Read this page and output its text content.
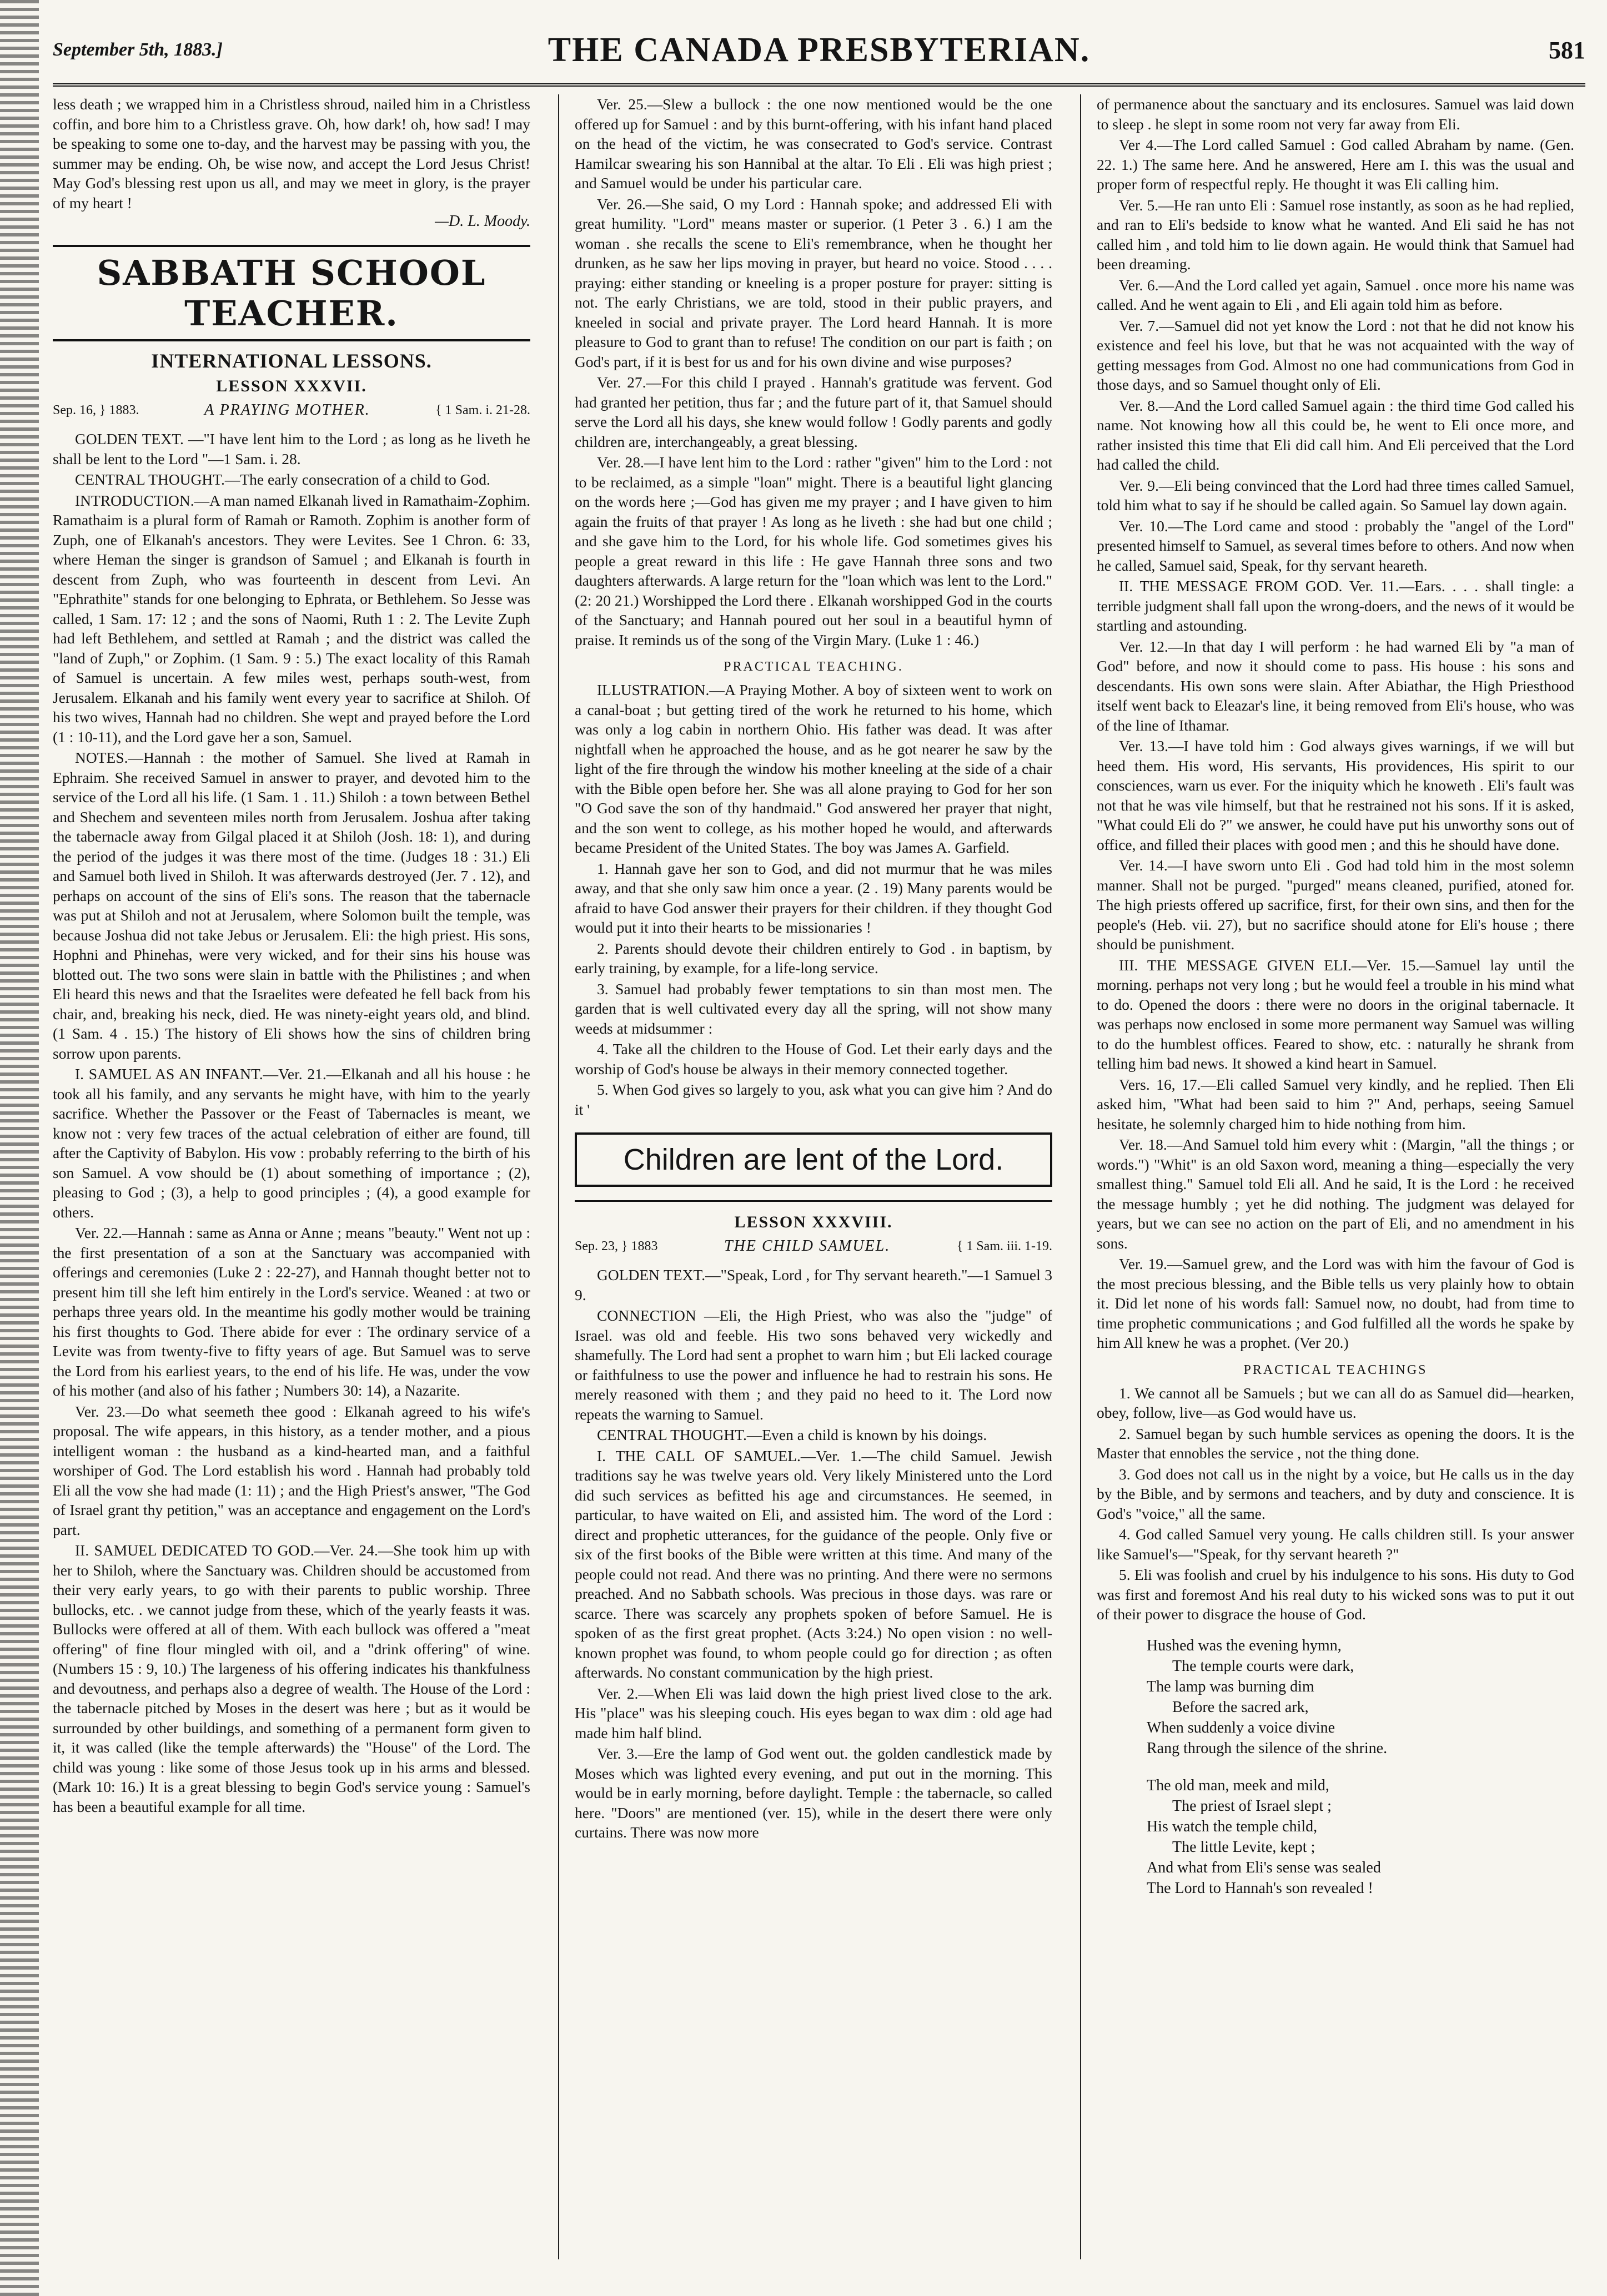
September 5th, 1883.]	THE CANADA PRESBYTERIAN.	581

less death ; we wrapped him in a Christless shroud, nailed him in a Christless coffin, and bore him to a Christless grave. Oh, how dark! oh, how sad! I may be speaking to some one to-day, and the harvest may be passing with you, the summer may be ending. Oh, be wise now, and accept the Lord Jesus Christ! May God's blessing rest upon us all, and may we meet in glory, is the prayer of my heart !

—D. L. Moody.

SABBATH SCHOOL TEACHER.
INTERNATIONAL LESSONS.
LESSON XXXVII.
Sep. 16, } 1883.	A PRAYING MOTHER.	{ 1 Sam. i. 21-28.

GOLDEN TEXT. —"I have lent him to the Lord ; as long as he liveth he shall be lent to the Lord "—1 Sam. i. 28.

CENTRAL THOUGHT.—The early consecration of a child to God.

INTRODUCTION.—A man named Elkanah lived in Ramathaim-Zophim. Ramathaim is a plural form of Ramah or Ramoth. Zophim is another form of Zuph, one of Elkanah's ancestors. They were Levites. See 1 Chron. 6: 33, where Heman the singer is grandson of Samuel ; and Elkanah is fourth in descent from Zuph, who was fourteenth in descent from Levi. An "Ephrathite" stands for one belonging to Ephrata, or Bethlehem. So Jesse was called, 1 Sam. 17: 12 ; and the sons of Naomi, Ruth 1 : 2. The Levite Zuph had left Bethlehem, and settled at Ramah ; and the district was called the "land of Zuph," or Zophim. (1 Sam. 9 : 5.) The exact locality of this Ramah of Samuel is uncertain. A few miles west, perhaps south-west, from Jerusalem. Elkanah and his family went every year to sacrifice at Shiloh. Of his two wives, Hannah had no children. She wept and prayed before the Lord (1 : 10-11), and the Lord gave her a son, Samuel.

NOTES.—Hannah : the mother of Samuel. She lived at Ramah in Ephraim. She received Samuel in answer to prayer, and devoted him to the service of the Lord all his life. (1 Sam. 1 . 11.) Shiloh : a town between Bethel and Shechem and seventeen miles north from Jerusalem. Joshua after taking the tabernacle away from Gilgal placed it at Shiloh (Josh. 18: 1), and during the period of the judges it was there most of the time. (Judges 18 : 31.) Eli and Samuel both lived in Shiloh. It was afterwards destroyed (Jer. 7 . 12), and perhaps on account of the sins of Eli's sons. The reason that the tabernacle was put at Shiloh and not at Jerusalem, where Solomon built the temple, was because Joshua did not take Jebus or Jerusalem. Eli: the high priest. His sons, Hophni and Phinehas, were very wicked, and for their sins his house was blotted out. The two sons were slain in battle with the Philistines ; and when Eli heard this news and that the Israelites were defeated he fell back from his chair, and, breaking his neck, died. He was ninety-eight years old, and blind. (1 Sam. 4 . 15.) The history of Eli shows how the sins of children bring sorrow upon parents.

I. SAMUEL AS AN INFANT.—Ver. 21.—Elkanah and all his house : he took all his family, and any servants he might have, with him to the yearly sacrifice. Whether the Passover or the Feast of Tabernacles is meant, we know not : very few traces of the actual celebration of either are found, till after the Captivity of Babylon. His vow : probably referring to the birth of his son Samuel. A vow should be (1) about something of importance ; (2), pleasing to God ; (3), a help to good principles ; (4), a good example for others.

Ver. 22.—Hannah : same as Anna or Anne ; means "beauty." Went not up : the first presentation of a son at the Sanctuary was accompanied with offerings and ceremonies (Luke 2 : 22-27), and Hannah thought better not to present him till she left him entirely in the Lord's service. Weaned : at two or perhaps three years old. In the meantime his godly mother would be training his first thoughts to God. There abide for ever : The ordinary service of a Levite was from twenty-five to fifty years of age. But Samuel was to serve the Lord from his earliest years, to the end of his life. He was, under the vow of his mother (and also of his father ; Numbers 30: 14), a Nazarite.

Ver. 23.—Do what seemeth thee good : Elkanah agreed to his wife's proposal. The wife appears, in this history, as a tender mother, and a pious intelligent woman : the husband as a kind-hearted man, and a faithful worshiper of God. The Lord establish his word . Hannah had probably told Eli all the vow she had made (1: 11) ; and the High Priest's answer, "The God of Israel grant thy petition," was an acceptance and engagement on the Lord's part.

II. SAMUEL DEDICATED TO GOD.—Ver. 24.—She took him up with her to Shiloh, where the Sanctuary was. Children should be accustomed from their very early years, to go with their parents to public worship. Three bullocks, etc. . we cannot judge from these, which of the yearly feasts it was. Bullocks were offered at all of them. With each bullock was offered a "meat offering" of fine flour mingled with oil, and a "drink offering" of wine. (Numbers 15 : 9, 10.) The largeness of his offering indicates his thankfulness and devoutness, and perhaps also a degree of wealth. The House of the Lord : the tabernacle pitched by Moses in the desert was here ; but as it would be surrounded by other buildings, and something of a permanent form given to it, it was called (like the temple afterwards) the "House" of the Lord. The child was young : like some of those Jesus took up in his arms and blessed. (Mark 10: 16.) It is a great blessing to begin God's service young : Samuel's has been a beautiful example for all time.

Ver. 25.—Slew a bullock : the one now mentioned would be the one offered up for Samuel : and by this burnt-offering, with his infant hand placed on the head of the victim, he was consecrated to God's service. Contrast Hamilcar swearing his son Hannibal at the altar. To Eli . Eli was high priest ; and Samuel would be under his particular care.

Ver. 26.—She said, O my Lord : Hannah spoke; and addressed Eli with great humility. "Lord" means master or superior. (1 Peter 3 . 6.) I am the woman . she recalls the scene to Eli's remembrance, when he thought her drunken, as he saw her lips moving in prayer, but heard no voice. Stood . . . . praying: either standing or kneeling is a proper posture for prayer: sitting is not. The early Christians, we are told, stood in their public prayers, and kneeled in social and private prayer. The Lord heard Hannah. It is more pleasure to God to grant than to refuse! The condition on our part is faith ; on God's part, if it is best for us and for his own divine and wise purposes?

Ver. 27.—For this child I prayed . Hannah's gratitude was fervent. God had granted her petition, thus far ; and the future part of it, that Samuel should serve the Lord all his days, she knew would follow ! Godly parents and godly children are, interchangeably, a great blessing.

Ver. 28.—I have lent him to the Lord : rather "given" him to the Lord : not to be reclaimed, as a simple "loan" might. There is a beautiful light glancing on the words here ;—God has given me my prayer ; and I have given to him again the fruits of that prayer ! As long as he liveth : she had but one child ; and she gave him to the Lord, for his whole life. God sometimes gives his people a great reward in this life : He gave Hannah three sons and two daughters afterwards. A large return for the "loan which was lent to the Lord." (2: 20 21.) Worshipped the Lord there . Elkanah worshipped God in the courts of the Sanctuary; and Hannah poured out her soul in a beautiful hymn of praise. It reminds us of the song of the Virgin Mary. (Luke 1 : 46.)

PRACTICAL TEACHING.

ILLUSTRATION.—A Praying Mother. A boy of sixteen went to work on a canal-boat ; but getting tired of the work he returned to his home, which was only a log cabin in northern Ohio. His father was dead. It was after nightfall when he approached the house, and as he got nearer he saw by the light of the fire through the window his mother kneeling at the side of a chair with the Bible open before her. She was all alone praying to God for her son "O God save the son of thy handmaid." God answered her prayer that night, and the son went to college, as his mother hoped he would, and afterwards became President of the United States. The boy was James A. Garfield.

1. Hannah gave her son to God, and did not murmur that he was miles away, and that she only saw him once a year. (2 . 19) Many parents would be afraid to have God answer their prayers for their children. if they thought God would put it into their hearts to be missionaries !

2. Parents should devote their children entirely to God . in baptism, by early training, by example, for a life-long service.

3. Samuel had probably fewer temptations to sin than most men. The garden that is well cultivated every day all the spring, will not show many weeds at midsummer :

4. Take all the children to the House of God. Let their early days and the worship of God's house be always in their memory connected together.

5. When God gives so largely to you, ask what you can give him ? And do it '

Children are lent of the Lord.
LESSON XXXVIII.
Sep. 23, } 1883	THE CHILD SAMUEL.	{ 1 Sam. iii. 1-19.

GOLDEN TEXT.—"Speak, Lord , for Thy servant heareth."—1 Samuel 3 9.

CONNECTION —Eli, the High Priest, who was also the "judge" of Israel. was old and feeble. His two sons behaved very wickedly and shamefully. The Lord had sent a prophet to warn him ; but Eli lacked courage or faithfulness to use the power and influence he had to restrain his sons. He merely reasoned with them ; and they paid no heed to it. The Lord now repeats the warning to Samuel.

CENTRAL THOUGHT.—Even a child is known by his doings.

I. THE CALL OF SAMUEL.—Ver. 1.—The child Samuel. Jewish traditions say he was twelve years old. Very likely Ministered unto the Lord did such services as befitted his age and circumstances. He seemed, in particular, to have waited on Eli, and assisted him. The word of the Lord : direct and prophetic utterances, for the guidance of the people. Only five or six of the first books of the Bible were written at this time. And many of the people could not read. And there was no printing. And there were no sermons preached. And no Sabbath schools. Was precious in those days. was rare or scarce. There was scarcely any prophets spoken of before Samuel. He is spoken of as the first great prophet. (Acts 3:24.) No open vision : no well-known prophet was found, to whom people could go for direction ; as often afterwards. No constant communication by the high priest.

Ver. 2.—When Eli was laid down the high priest lived close to the ark. His "place" was his sleeping couch. His eyes began to wax dim : old age had made him half blind.

Ver. 3.—Ere the lamp of God went out. the golden candlestick made by Moses which was lighted every evening, and put out in the morning. This would be in early morning, before daylight. Temple : the tabernacle, so called here. "Doors" are mentioned (ver. 15), while in the desert there were only curtains. There was now more

of permanence about the sanctuary and its enclosures. Samuel was laid down to sleep . he slept in some room not very far away from Eli.

Ver 4.—The Lord called Samuel : God called Abraham by name. (Gen. 22. 1.) The same here. And he answered, Here am I. this was the usual and proper form of respectful reply. He thought it was Eli calling him.

Ver. 5.—He ran unto Eli : Samuel rose instantly, as soon as he had replied, and ran to Eli's bedside to know what he wanted. And Eli said he has not called him , and told him to lie down again. He would think that Samuel had been dreaming.

Ver. 6.—And the Lord called yet again, Samuel . once more his name was called. And he went again to Eli , and Eli again told him as before.

Ver. 7.—Samuel did not yet know the Lord : not that he did not know his existence and feel his love, but that he was not acquainted with the way of getting messages from God. Almost no one had communications from God in those days, and so Samuel thought only of Eli.

Ver. 8.—And the Lord called Samuel again : the third time God called his name. Not knowing how all this could be, he went to Eli once more, and rather insisted this time that Eli did call him. And Eli perceived that the Lord had called the child.

Ver. 9.—Eli being convinced that the Lord had three times called Samuel, told him what to say if he should be called again. So Samuel lay down again.

Ver. 10.—The Lord came and stood : probably the "angel of the Lord" presented himself to Samuel, as several times before to others. And now when he called, Samuel said, Speak, for thy servant heareth.

II. THE MESSAGE FROM GOD. Ver. 11.—Ears. . . . shall tingle: a terrible judgment shall fall upon the wrong-doers, and the news of it would be startling and astounding.

Ver. 12.—In that day I will perform : he had warned Eli by "a man of God" before, and now it should come to pass. His house : his sons and descendants. His own sons were slain. After Abiathar, the High Priesthood itself went back to Eleazar's line, it being removed from Eli's house, who was of the line of Ithamar.

Ver. 13.—I have told him : God always gives warnings, if we will but heed them. His word, His servants, His providences, His spirit to our consciences, warn us ever. For the iniquity which he knoweth . Eli's fault was not that he was vile himself, but that he restrained not his sons. If it is asked, "What could Eli do ?" we answer, he could have put his unworthy sons out of office, and filled their places with good men ; and this he should have done.

Ver. 14.—I have sworn unto Eli . God had told him in the most solemn manner. Shall not be purged. "purged" means cleaned, purified, atoned for. The high priests offered up sacrifice, first, for their own sins, and then for the people's (Heb. vii. 27), but no sacrifice should atone for Eli's house ; there should be punishment.

III. THE MESSAGE GIVEN ELI.—Ver. 15.—Samuel lay until the morning. perhaps not very long ; but he would feel a trouble in his mind what to do. Opened the doors : there were no doors in the original tabernacle. It was perhaps now enclosed in some more permanent way Samuel was willing to do the humblest offices. Feared to show, etc. : naturally he shrank from telling him bad news. It showed a kind heart in Samuel.

Vers. 16, 17.—Eli called Samuel very kindly, and he replied. Then Eli asked him, "What had been said to him ?" And, perhaps, seeing Samuel hesitate, he solemnly charged him to hide nothing from him.

Ver. 18.—And Samuel told him every whit : (Margin, "all the things ; or words.") "Whit" is an old Saxon word, meaning a thing—especially the very smallest thing." Samuel told Eli all. And he said, It is the Lord : he received the message humbly ; yet he did nothing. The judgment was delayed for years, but we can see no action on the part of Eli, and no amendment in his sons.

Ver. 19.—Samuel grew, and the Lord was with him the favour of God is the most precious blessing, and the Bible tells us very plainly how to obtain it. Did let none of his words fall: Samuel now, no doubt, had from time to time prophetic communications ; and God fulfilled all the words he spake by him All knew he was a prophet. (Ver 20.)

PRACTICAL TEACHINGS

1. We cannot all be Samuels ; but we can all do as Samuel did—hearken, obey, follow, live—as God would have us.

2. Samuel began by such humble services as opening the doors. It is the Master that ennobles the service , not the thing done.

3. God does not call us in the night by a voice, but He calls us in the day by the Bible, and by sermons and teachers, and by duty and conscience. It is God's "voice," all the same.

4. God called Samuel very young. He calls children still. Is your answer like Samuel's—"Speak, for thy servant heareth ?"

5. Eli was foolish and cruel by his indulgence to his sons. His duty to God was first and foremost And his real duty to his wicked sons was to put it out of their power to disgrace the house of God.

Hushed was the evening hymn,

The temple courts were dark,

The lamp was burning dim

Before the sacred ark,

When suddenly a voice divine

Rang through the silence of the shrine.

The old man, meek and mild,

The priest of Israel slept ;

His watch the temple child,

The little Levite, kept ;

And what from Eli's sense was sealed

The Lord to Hannah's son revealed !
